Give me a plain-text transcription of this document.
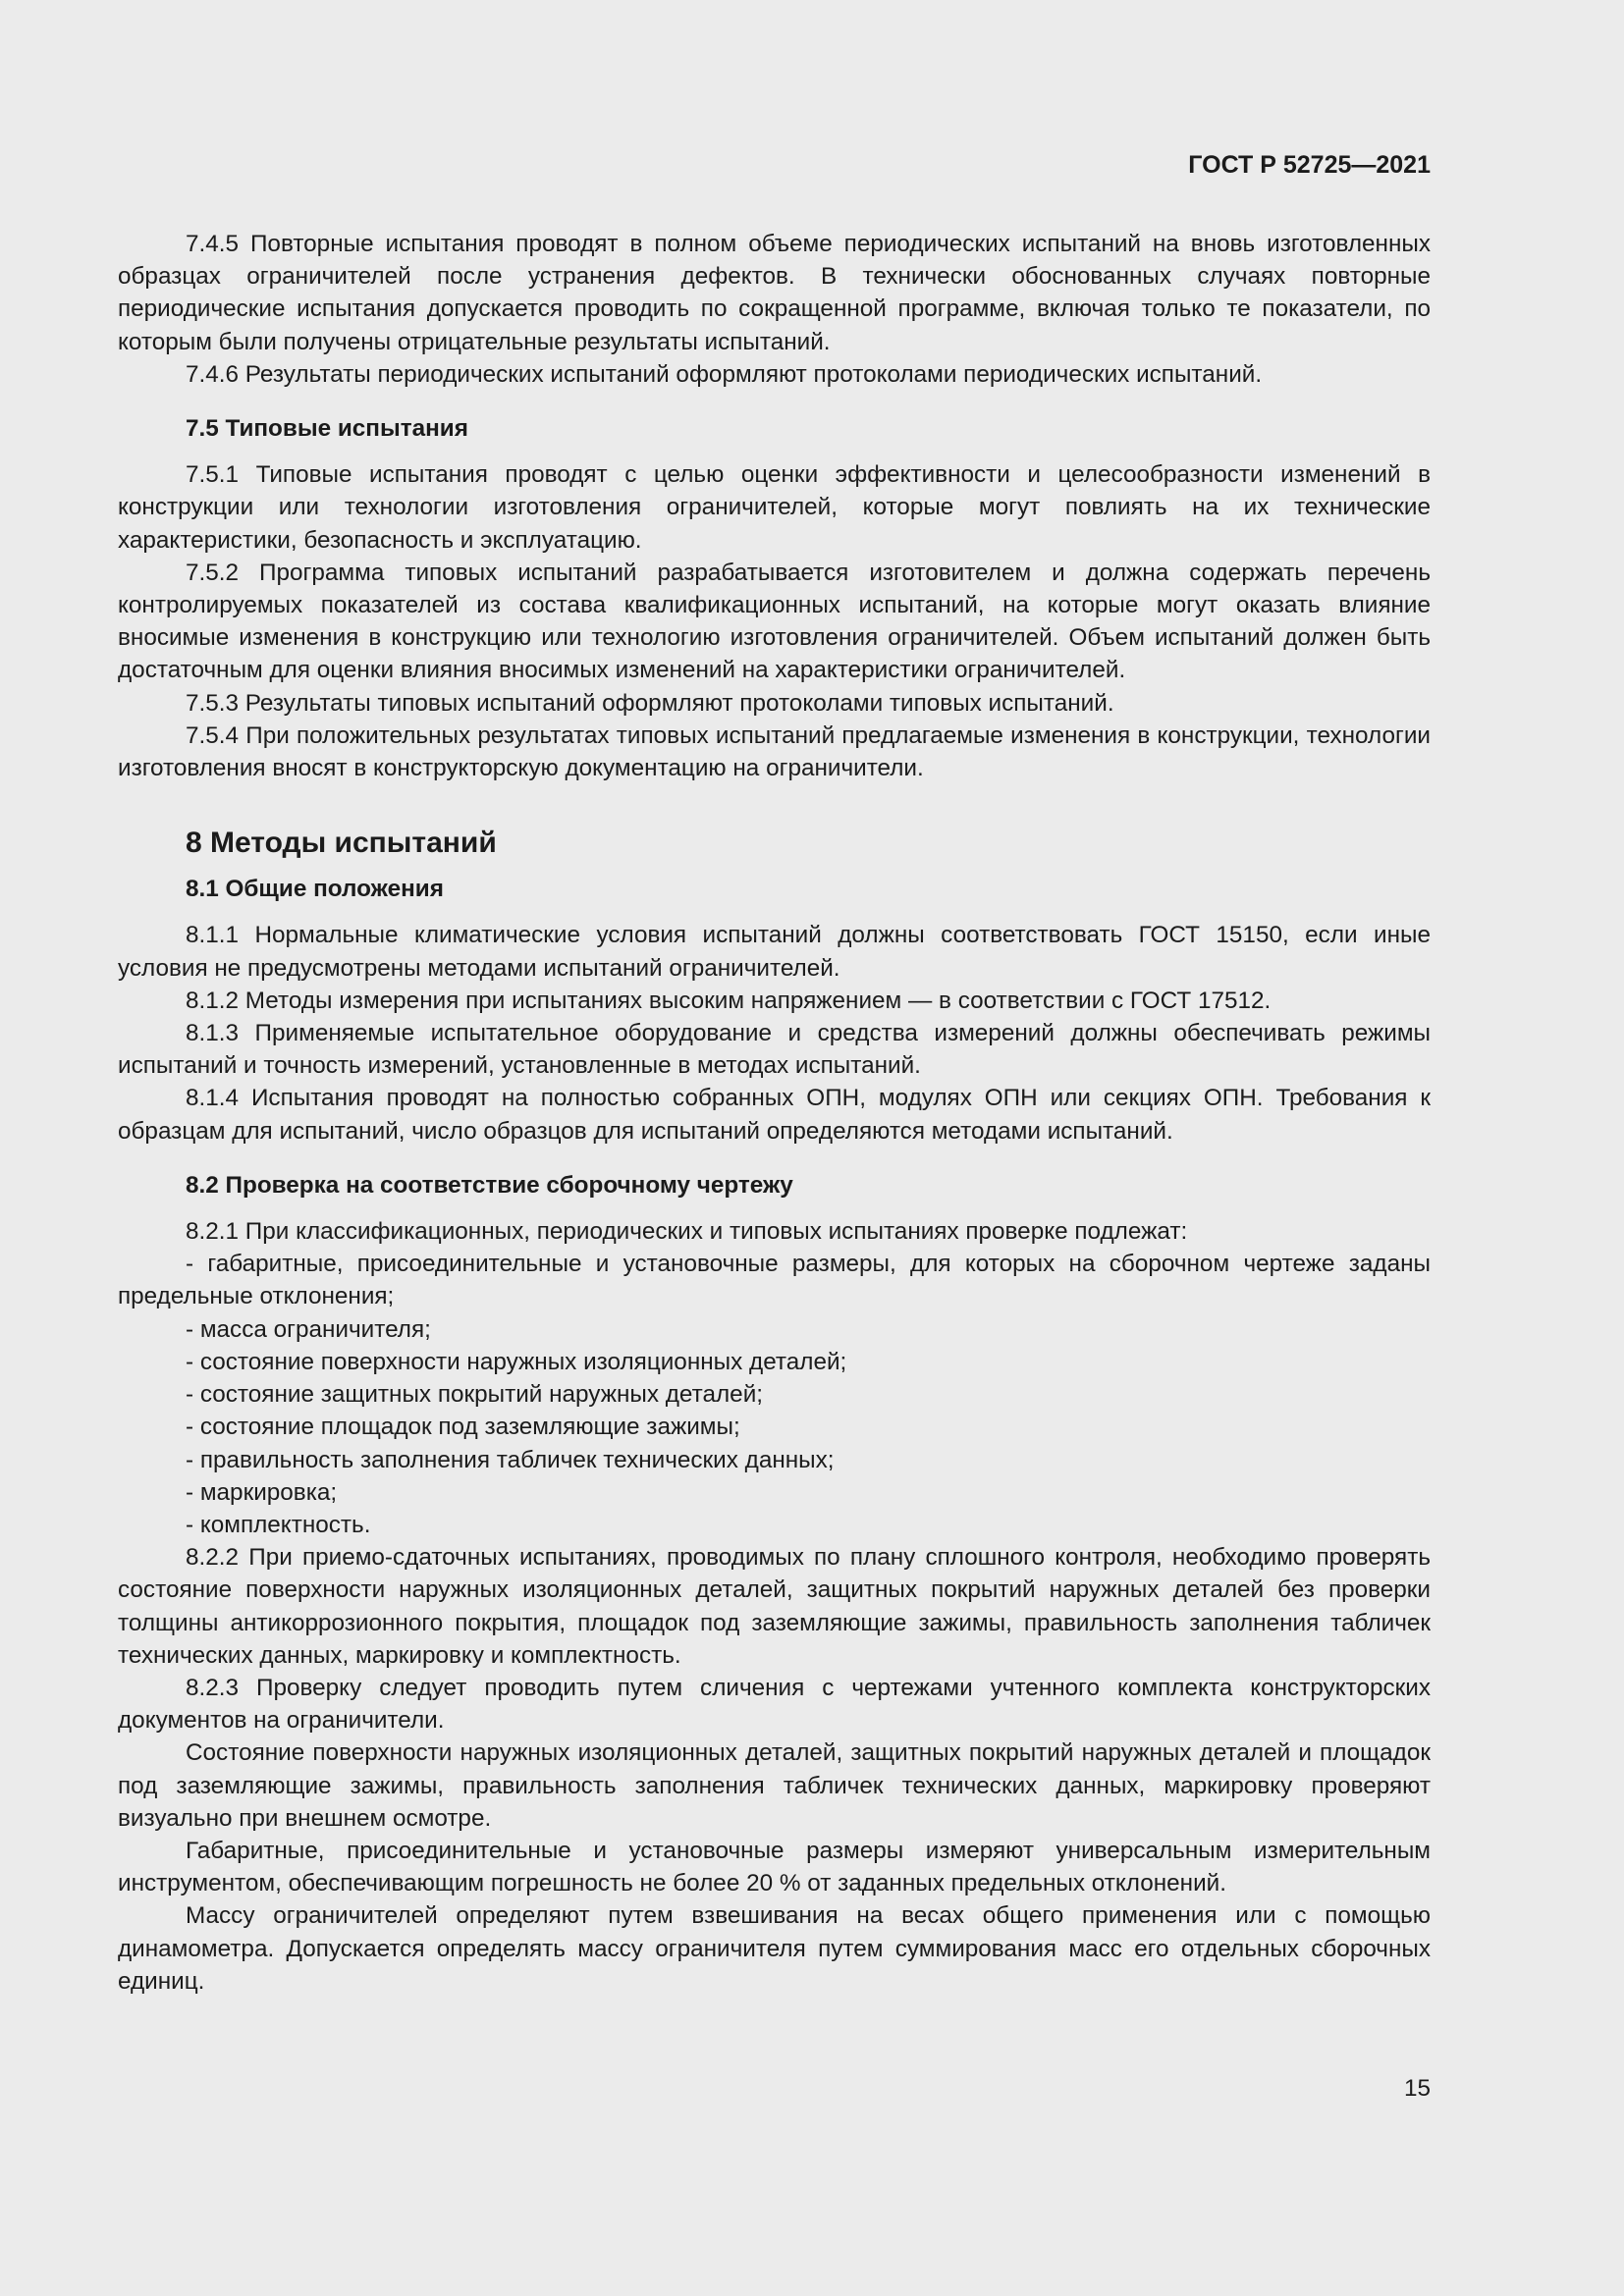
ГОСТ Р 52725—2021

7.4.5 Повторные испытания проводят в полном объеме периодических испытаний на вновь изготовленных образцах ограничителей после устранения дефектов. В технически обоснованных случаях повторные периодические испытания допускается проводить по сокращенной программе, включая только те показатели, по которым были получены отрицательные результаты испытаний.

7.4.6 Результаты периодических испытаний оформляют протоколами периодических испытаний.

7.5 Типовые испытания

7.5.1 Типовые испытания проводят с целью оценки эффективности и целесообразности изменений в конструкции или технологии изготовления ограничителей, которые могут повлиять на их технические характеристики, безопасность и эксплуатацию.

7.5.2 Программа типовых испытаний разрабатывается изготовителем и должна содержать перечень контролируемых показателей из состава квалификационных испытаний, на которые могут оказать влияние вносимые изменения в конструкцию или технологию изготовления ограничителей. Объем испытаний должен быть достаточным для оценки влияния вносимых изменений на характеристики ограничителей.

7.5.3 Результаты типовых испытаний оформляют протоколами типовых испытаний.

7.5.4 При положительных результатах типовых испытаний предлагаемые изменения в конструкции, технологии изготовления вносят в конструкторскую документацию на ограничители.

8 Методы испытаний

8.1 Общие положения

8.1.1 Нормальные климатические условия испытаний должны соответствовать ГОСТ 15150, если иные условия не предусмотрены методами испытаний ограничителей.

8.1.2 Методы измерения при испытаниях высоким напряжением — в соответствии с ГОСТ 17512.

8.1.3 Применяемые испытательное оборудование и средства измерений должны обеспечивать режимы испытаний и точность измерений, установленные в методах испытаний.

8.1.4 Испытания проводят на полностью собранных ОПН, модулях ОПН или секциях ОПН. Требования к образцам для испытаний, число образцов для испытаний определяются методами испытаний.

8.2 Проверка на соответствие сборочному чертежу

8.2.1 При классификационных, периодических и типовых испытаниях проверке подлежат:

- габаритные, присоединительные и установочные размеры, для которых на сборочном чертеже заданы предельные отклонения;

- масса ограничителя;

- состояние поверхности наружных изоляционных деталей;

- состояние защитных покрытий наружных деталей;

- состояние площадок под заземляющие зажимы;

- правильность заполнения табличек технических данных;

- маркировка;

- комплектность.

8.2.2 При приемо-сдаточных испытаниях, проводимых по плану сплошного контроля, необходимо проверять состояние поверхности наружных изоляционных деталей, защитных покрытий наружных деталей без проверки толщины антикоррозионного покрытия, площадок под заземляющие зажимы, правильность заполнения табличек технических данных, маркировку и комплектность.

8.2.3 Проверку следует проводить путем сличения с чертежами учтенного комплекта конструкторских документов на ограничители.

Состояние поверхности наружных изоляционных деталей, защитных покрытий наружных деталей и площадок под заземляющие зажимы, правильность заполнения табличек технических данных, маркировку проверяют визуально при внешнем осмотре.

Габаритные, присоединительные и установочные размеры измеряют универсальным измерительным инструментом, обеспечивающим погрешность не более 20 % от заданных предельных отклонений.

Массу ограничителей определяют путем взвешивания на весах общего применения или с помощью динамометра. Допускается определять массу ограничителя путем суммирования масс его отдельных сборочных единиц.

15
